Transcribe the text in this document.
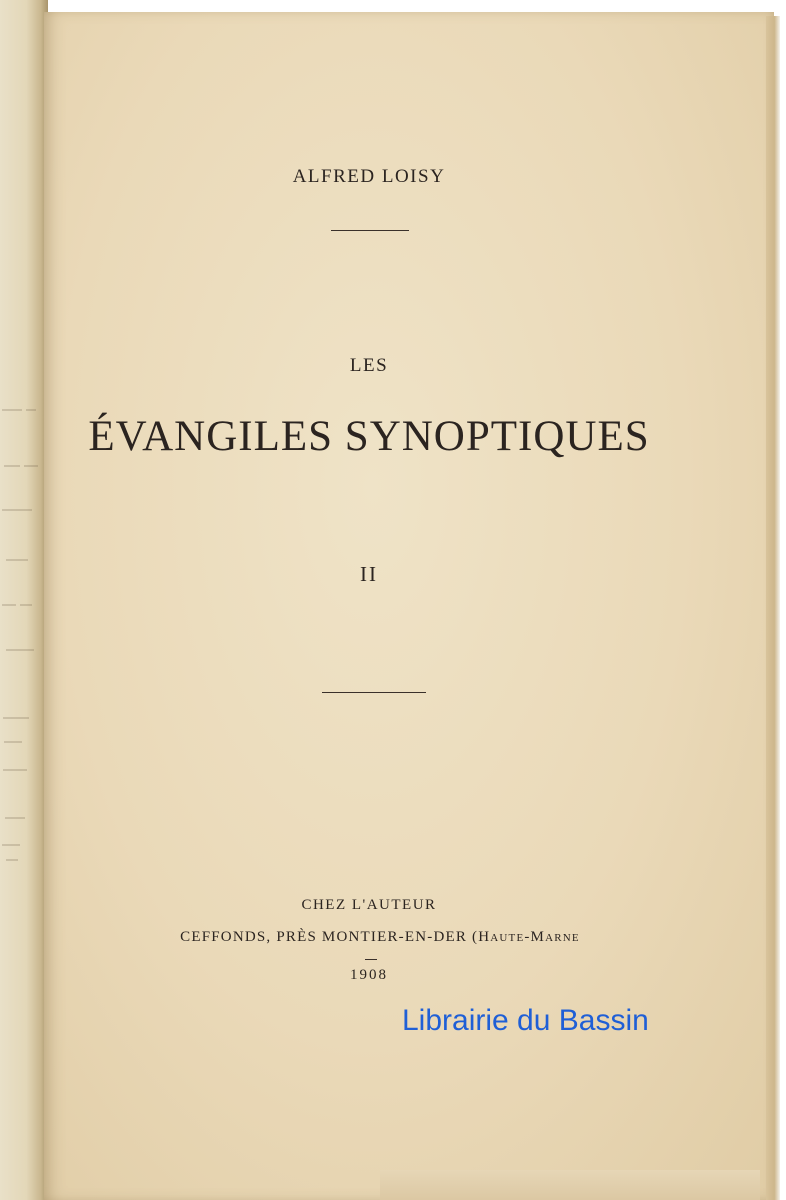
ALFRED LOISY
LES
ÉVANGILES SYNOPTIQUES
II
CHEZ L'AUTEUR
CEFFONDS, PRÈS MONTIER-EN-DER (Haute-Marne
1908
Librairie du Bassin
